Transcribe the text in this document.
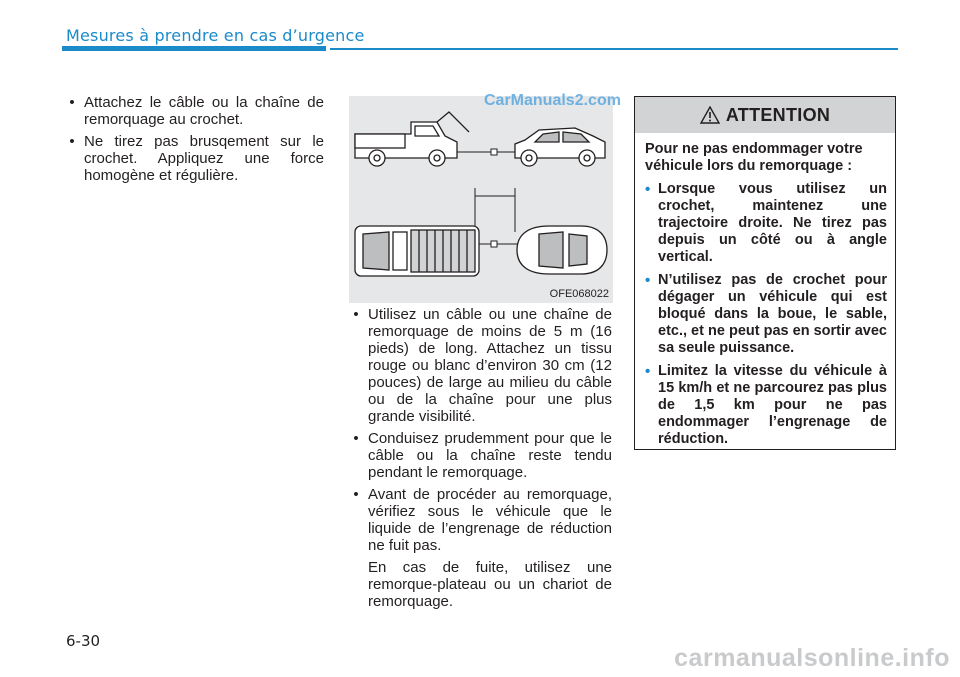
Mesures à prendre en cas d’urgence
• Attachez le câble ou la chaîne de remorquage au crochet.
• Ne tirez pas brusqement sur le crochet. Appliquez une force homogène et régulière.
OFE068022
CarManuals2.com
• Utilisez un câble ou une chaîne de remorquage de moins de 5 m (16 pieds) de long. Attachez un tissu rouge ou blanc d’environ 30 cm (12 pouces) de large au milieu du câble ou de la chaîne pour une plus grande visibilité.
• Conduisez prudemment pour que le câble ou la chaîne reste tendu pendant le remorquage.
• Avant de procéder au remorquage, vérifiez sous le véhicule que le liquide de l’engrenage de réduction ne fuit pas.
En cas de fuite, utilisez une remorque-plateau ou un chariot de remorquage.
ATTENTION

Pour ne pas endommager votre véhicule lors du remorquage :

• Lorsque vous utilisez un crochet, maintenez une trajectoire droite. Ne tirez pas depuis un côté ou à angle vertical.
• N’utilisez pas de crochet pour dégager un véhicule qui est bloqué dans la boue, le sable, etc., et ne peut pas en sortir avec sa seule puissance.
• Limitez la vitesse du véhicule à 15 km/h et ne parcourez pas plus de 1,5 km pour ne pas endommager l’engrenage de réduction.
6-30
carmanualsonline.info
